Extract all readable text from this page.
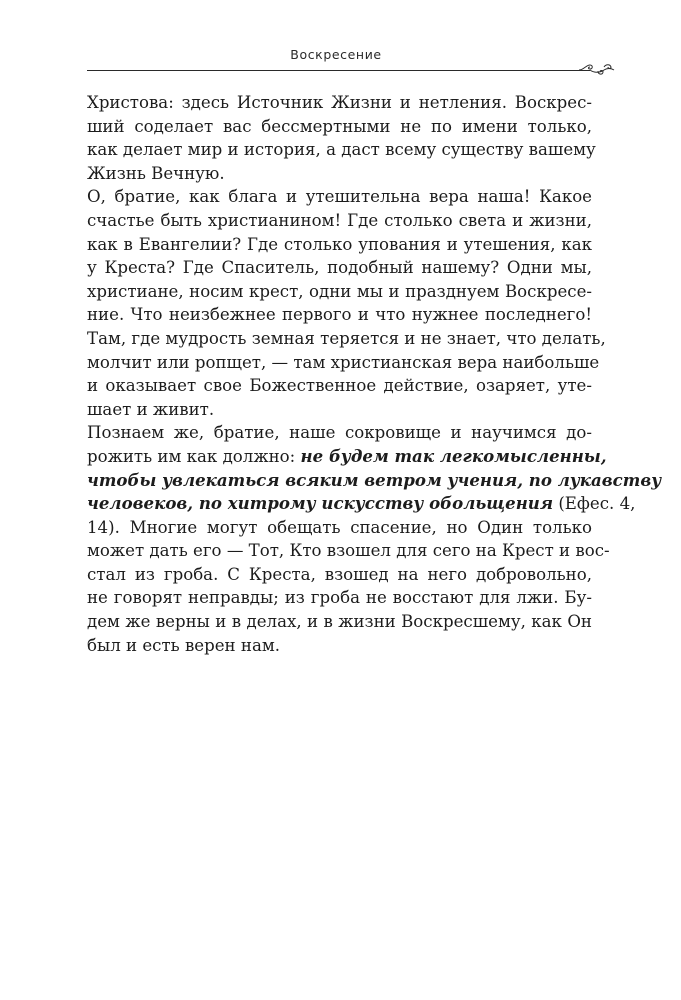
Воскресение
Христова: здесь Источник Жизни и нетления. Воскрес-
ший соделает вас бессмертными не по имени только,
как делает мир и история, а даст всему существу вашему
Жизнь Вечную.
О, братие, как блага и утешительна вера наша! Какое
счастье быть христианином! Где столько света и жизни,
как в Евангелии? Где столько упования и утешения, как
у Креста? Где Спаситель, подобный нашему? Одни мы,
христиане, носим крест, одни мы и празднуем Воскресе-
ние. Что неизбежнее первого и что нужнее последнего!
Там, где мудрость земная теряется и не знает, что делать,
молчит или ропщет, — там христианская вера наибольше
и оказывает свое Божественное действие, озаряет, уте-
шает и живит.
Познаем же, братие, наше сокровище и научимся до-
рожить им как должно: не будем так легкомысленны,
чтобы увлекаться всяким ветром учения, по лукавству
человеков, по хитрому искусству обольщения (Ефес. 4,
14). Многие могут обещать спасение, но Один только
может дать его — Тот, Кто взошел для сего на Крест и вос-
стал из гроба. С Креста, взошед на него добровольно,
не говорят неправды; из гроба не восстают для лжи. Бу-
дем же верны и в делах, и в жизни Воскресшему, как Он
был и есть верен нам.
